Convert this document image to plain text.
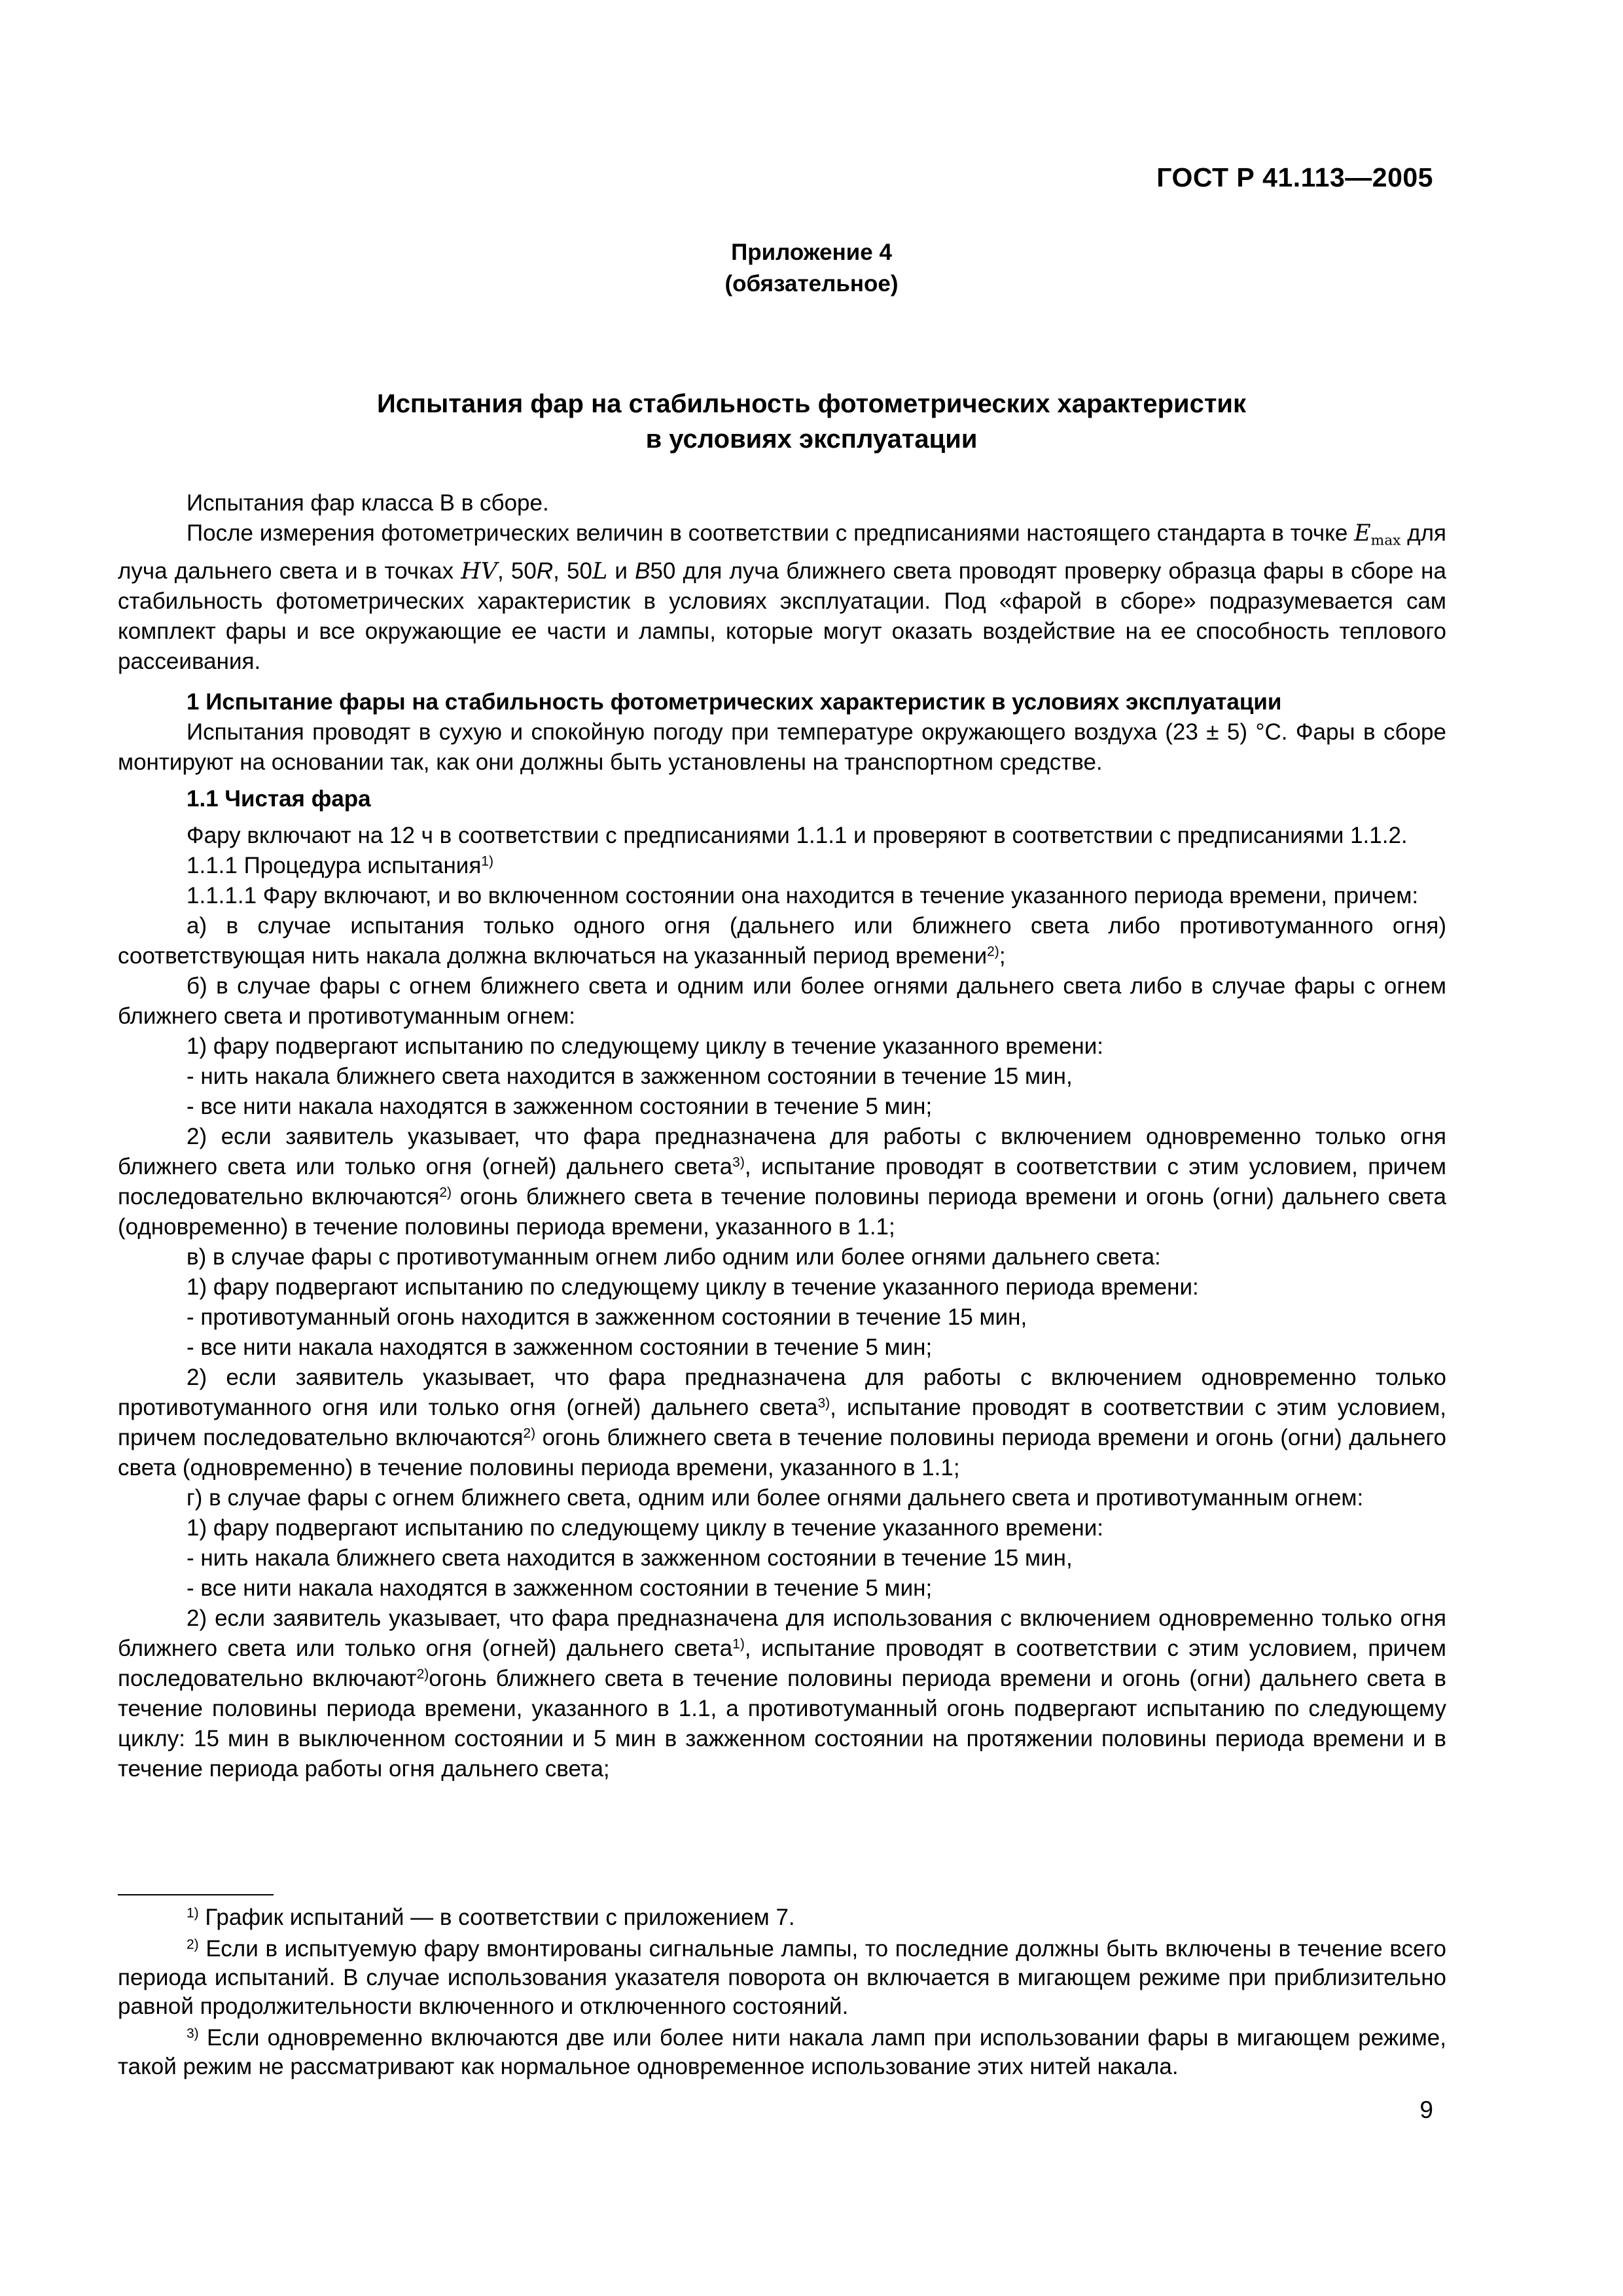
ГОСТ Р 41.113—2005
Приложение 4
(обязательное)
Испытания фар на стабильность фотометрических характеристик
в условиях эксплуатации

Испытания фар класса B в сборе.

После измерения фотометрических величин в соответствии с предписаниями настоящего стандарта в точке $E_{max}$ для луча дальнего света и в точках HV, 50R, 50L и B50 для луча ближнего света проводят проверку образца фары в сборе на стабильность фотометрических характеристик в условиях эксплуатации. Под «фарой в сборе» подразумевается сам комплект фары и все окружающие ее части и лампы, которые могут оказать воздействие на ее способность теплового рассеивания.

1 Испытание фары на стабильность фотометрических характеристик в условиях эксплуатации

Испытания проводят в сухую и спокойную погоду при температуре окружающего воздуха (23 ± 5) °С. Фары в сборе монтируют на основании так, как они должны быть установлены на транспортном средстве.

1.1 Чистая фара

Фару включают на 12 ч в соответствии с предписаниями 1.1.1 и проверяют в соответствии с предписаниями 1.1.2.

1.1.1 Процедура испытания$^{1)}$

1.1.1.1 Фару включают, и во включенном состоянии она находится в течение указанного периода времени, причем:

а) в случае испытания только одного огня (дальнего или ближнего света либо противотуманного огня) соответствующая нить накала должна включаться на указанный период времени$^{2)}$;

б) в случае фары с огнем ближнего света и одним или более огнями дальнего света либо в случае фары с огнем ближнего света и противотуманным огнем:

1) фару подвергают испытанию по следующему циклу в течение указанного времени:

- нить накала ближнего света находится в зажженном состоянии в течение 15 мин,

- все нити накала находятся в зажженном состоянии в течение 5 мин;

2) если заявитель указывает, что фара предназначена для работы с включением одновременно только огня ближнего света или только огня (огней) дальнего света$^{3)}$, испытание проводят в соответствии с этим условием, причем последовательно включаются$^{2)}$ огонь ближнего света в течение половины периода времени и огонь (огни) дальнего света (одновременно) в течение половины периода времени, указанного в 1.1;

в) в случае фары с противотуманным огнем либо одним или более огнями дальнего света:

1) фару подвергают испытанию по следующему циклу в течение указанного периода времени:

- противотуманный огонь находится в зажженном состоянии в течение 15 мин,

- все нити накала находятся в зажженном состоянии в течение 5 мин;

2) если заявитель указывает, что фара предназначена для работы с включением одновременно только противотуманного огня или только огня (огней) дальнего света$^{3)}$, испытание проводят в соответствии с этим условием, причем последовательно включаются$^{2)}$ огонь ближнего света в течение половины периода времени и огонь (огни) дальнего света (одновременно) в течение половины периода времени, указанного в 1.1;

г) в случае фары с огнем ближнего света, одним или более огнями дальнего света и противотуманным огнем:

1) фару подвергают испытанию по следующему циклу в течение указанного времени:

- нить накала ближнего света находится в зажженном состоянии в течение 15 мин,

- все нити накала находятся в зажженном состоянии в течение 5 мин;

2) если заявитель указывает, что фара предназначена для использования с включением одновременно только огня ближнего света или только огня (огней) дальнего света$^{1)}$, испытание проводят в соответствии с этим условием, причем последовательно включают$^{2)}$огонь ближнего света в течение половины периода времени и огонь (огни) дальнего света в течение половины периода времени, указанного в 1.1, а противотуманный огонь подвергают испытанию по следующему циклу: 15 мин в выключенном состоянии и 5 мин в зажженном состоянии на протяжении половины периода времени и в течение периода работы огня дальнего света;

$^{1)}$ График испытаний — в соответствии с приложением 7.

$^{2)}$ Если в испытуемую фару вмонтированы сигнальные лампы, то последние должны быть включены в течение всего периода испытаний. В случае использования указателя поворота он включается в мигающем режиме при приблизительно равной продолжительности включенного и отключенного состояний.

$^{3)}$ Если одновременно включаются две или более нити накала ламп при использовании фары в мигающем режиме, такой режим не рассматривают как нормальное одновременное использование этих нитей накала.

9
